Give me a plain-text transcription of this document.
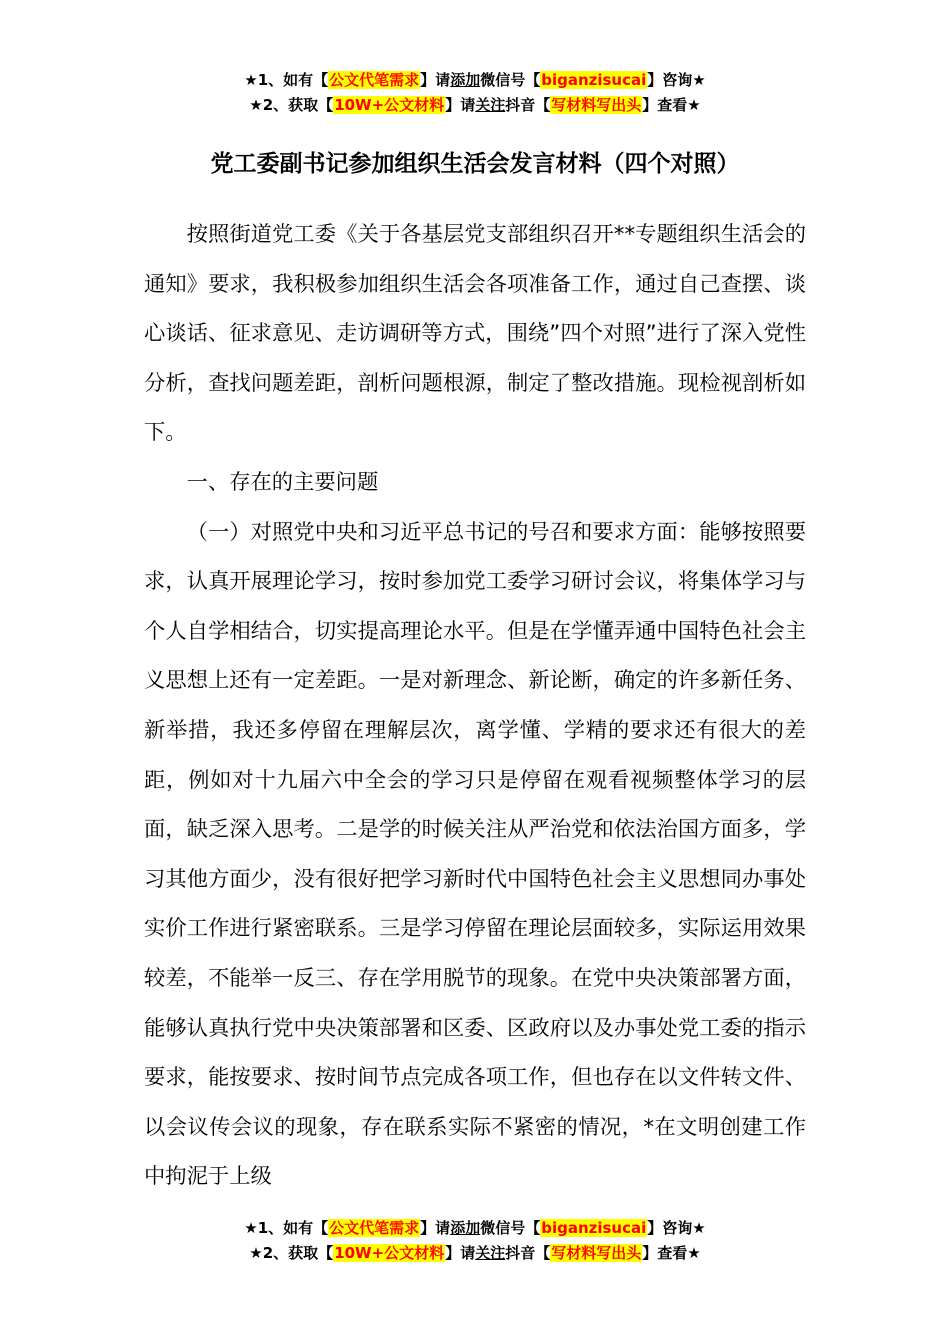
★1、如有【公文代笔需求】请添加微信号【biganzisucai】咨询★
★2、获取【10W+公文材料】请关注抖音【写材料写出头】查看★
党工委副书记参加组织生活会发言材料（四个对照）

按照街道党工委《关于各基层党支部组织召开**专题组织生活会的通知》要求，我积极参加组织生活会各项准备工作，通过自己查摆、谈心谈话、征求意见、走访调研等方式，围绕”四个对照”进行了深入党性分析，查找问题差距，剖析问题根源，制定了整改措施。现检视剖析如下。

一、存在的主要问题

（一）对照党中央和习近平总书记的号召和要求方面：能够按照要求，认真开展理论学习，按时参加党工委学习研讨会议，将集体学习与个人自学相结合，切实提高理论水平。但是在学懂弄通中国特色社会主义思想上还有一定差距。一是对新理念、新论断，确定的许多新任务、新举措，我还多停留在理解层次，离学懂、学精的要求还有很大的差距，例如对十九届六中全会的学习只是停留在观看视频整体学习的层面，缺乏深入思考。二是学的时候关注从严治党和依法治国方面多，学习其他方面少，没有很好把学习新时代中国特色社会主义思想同办事处实价工作进行紧密联系。三是学习停留在理论层面较多，实际运用效果较差，不能举一反三、存在学用脱节的现象。在党中央决策部署方面，能够认真执行党中央决策部署和区委、区政府以及办事处党工委的指示要求，能按要求、按时间节点完成各项工作，但也存在以文件转文件、以会议传会议的现象，存在联系实际不紧密的情况，*在文明创建工作中拘泥于上级

★1、如有【公文代笔需求】请添加微信号【biganzisucai】咨询★
★2、获取【10W+公文材料】请关注抖音【写材料写出头】查看★
